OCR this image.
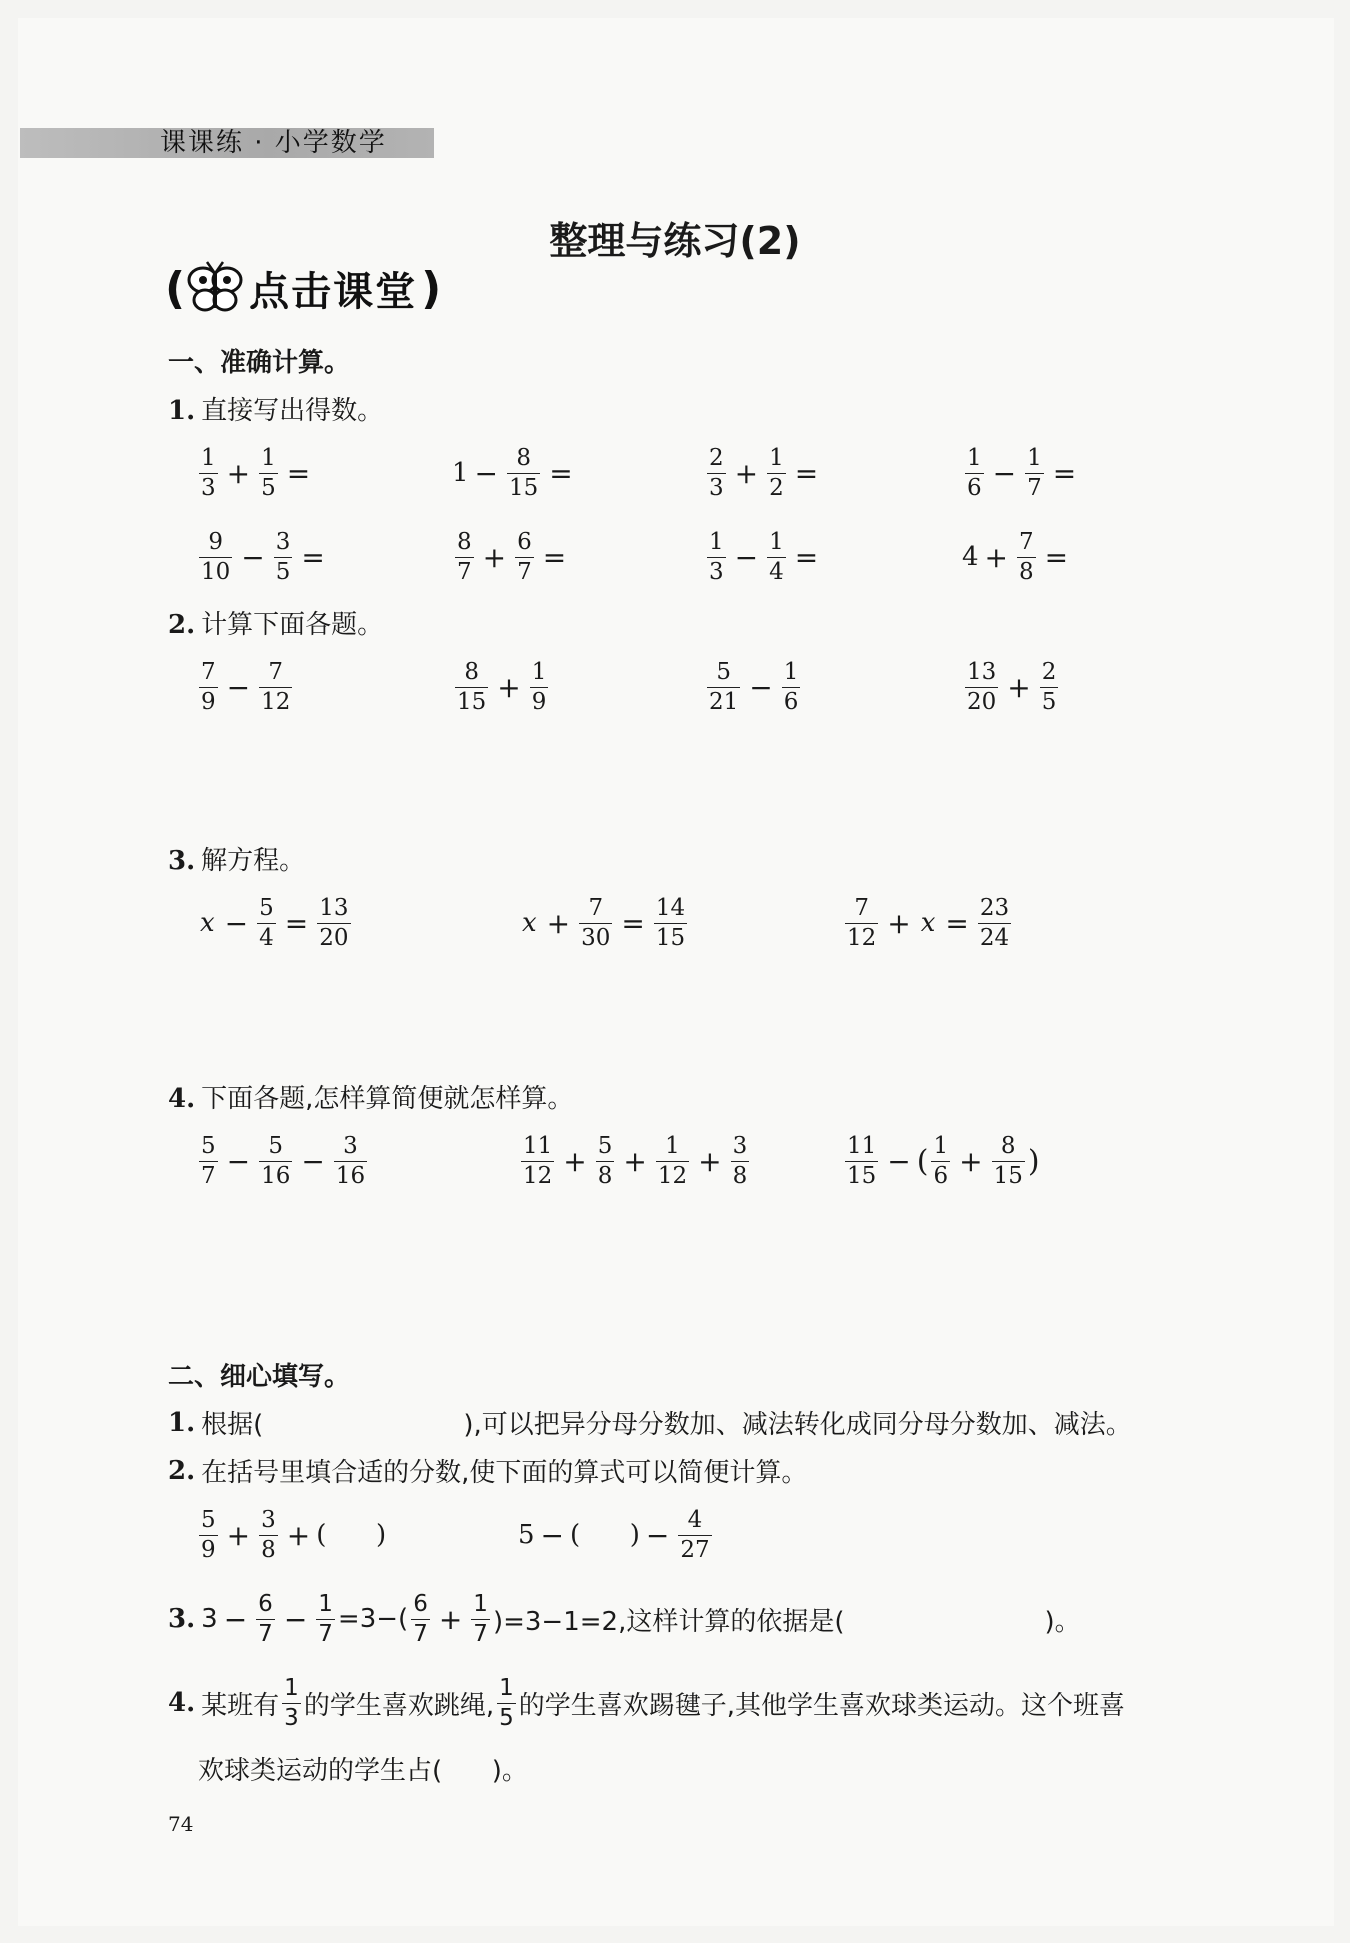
课课练 · 小学数学
整理与练习(2)
( 点击课堂 )
一、准确计算。
1. 直接写出得数。
$\frac{1}{3} + \frac{1}{5}$ =	$1 - \frac{8}{15}$ =	$\frac{2}{3} + \frac{1}{2}$ =	$\frac{1}{6} - \frac{1}{7}$ =
$\frac{9}{10} - \frac{3}{5}$ =	$\frac{8}{7} + \frac{6}{7}$ =	$\frac{1}{3} - \frac{1}{4}$ =	$4 + \frac{7}{8}$ =
2. 计算下面各题。
$\frac{7}{9} - \frac{7}{12}$	$\frac{8}{15} + \frac{1}{9}$	$\frac{5}{21} - \frac{1}{6}$	$\frac{13}{20} + \frac{2}{5}$
3. 解方程。
$x - \frac{5}{4} = \frac{13}{20}$	$x + \frac{7}{30} = \frac{14}{15}$	$\frac{7}{12} + x = \frac{23}{24}$
4. 下面各题,怎样算简便就怎样算。
$\frac{5}{7} - \frac{5}{16} - \frac{3}{16}$	$\frac{11}{12} + \frac{5}{8} + \frac{1}{12} + \frac{3}{8}$	$\frac{11}{15}$ − ( $\frac{1}{6} + \frac{8}{15}$ )
二、细心填写。
1. 根据(	),可以把异分母分数加、减法转化成同分母分数加、减法。
2. 在括号里填合适的分数,使下面的算式可以简便计算。
$\frac{5}{9} + \frac{3}{8}$ + (      )	5 − (      ) − $\frac{4}{27}$
3. $3 - \frac{6}{7} - \frac{1}{7} =3-( \frac{6}{7} + \frac{1}{7} )=3-1=2$,这样计算的依据是(	)。
4. 某班有 $\frac{1}{3}$ 的学生喜欢跳绳, $\frac{1}{5}$ 的学生喜欢踢毽子,其他学生喜欢球类运动。这个班喜
欢球类运动的学生占(      )。
74
